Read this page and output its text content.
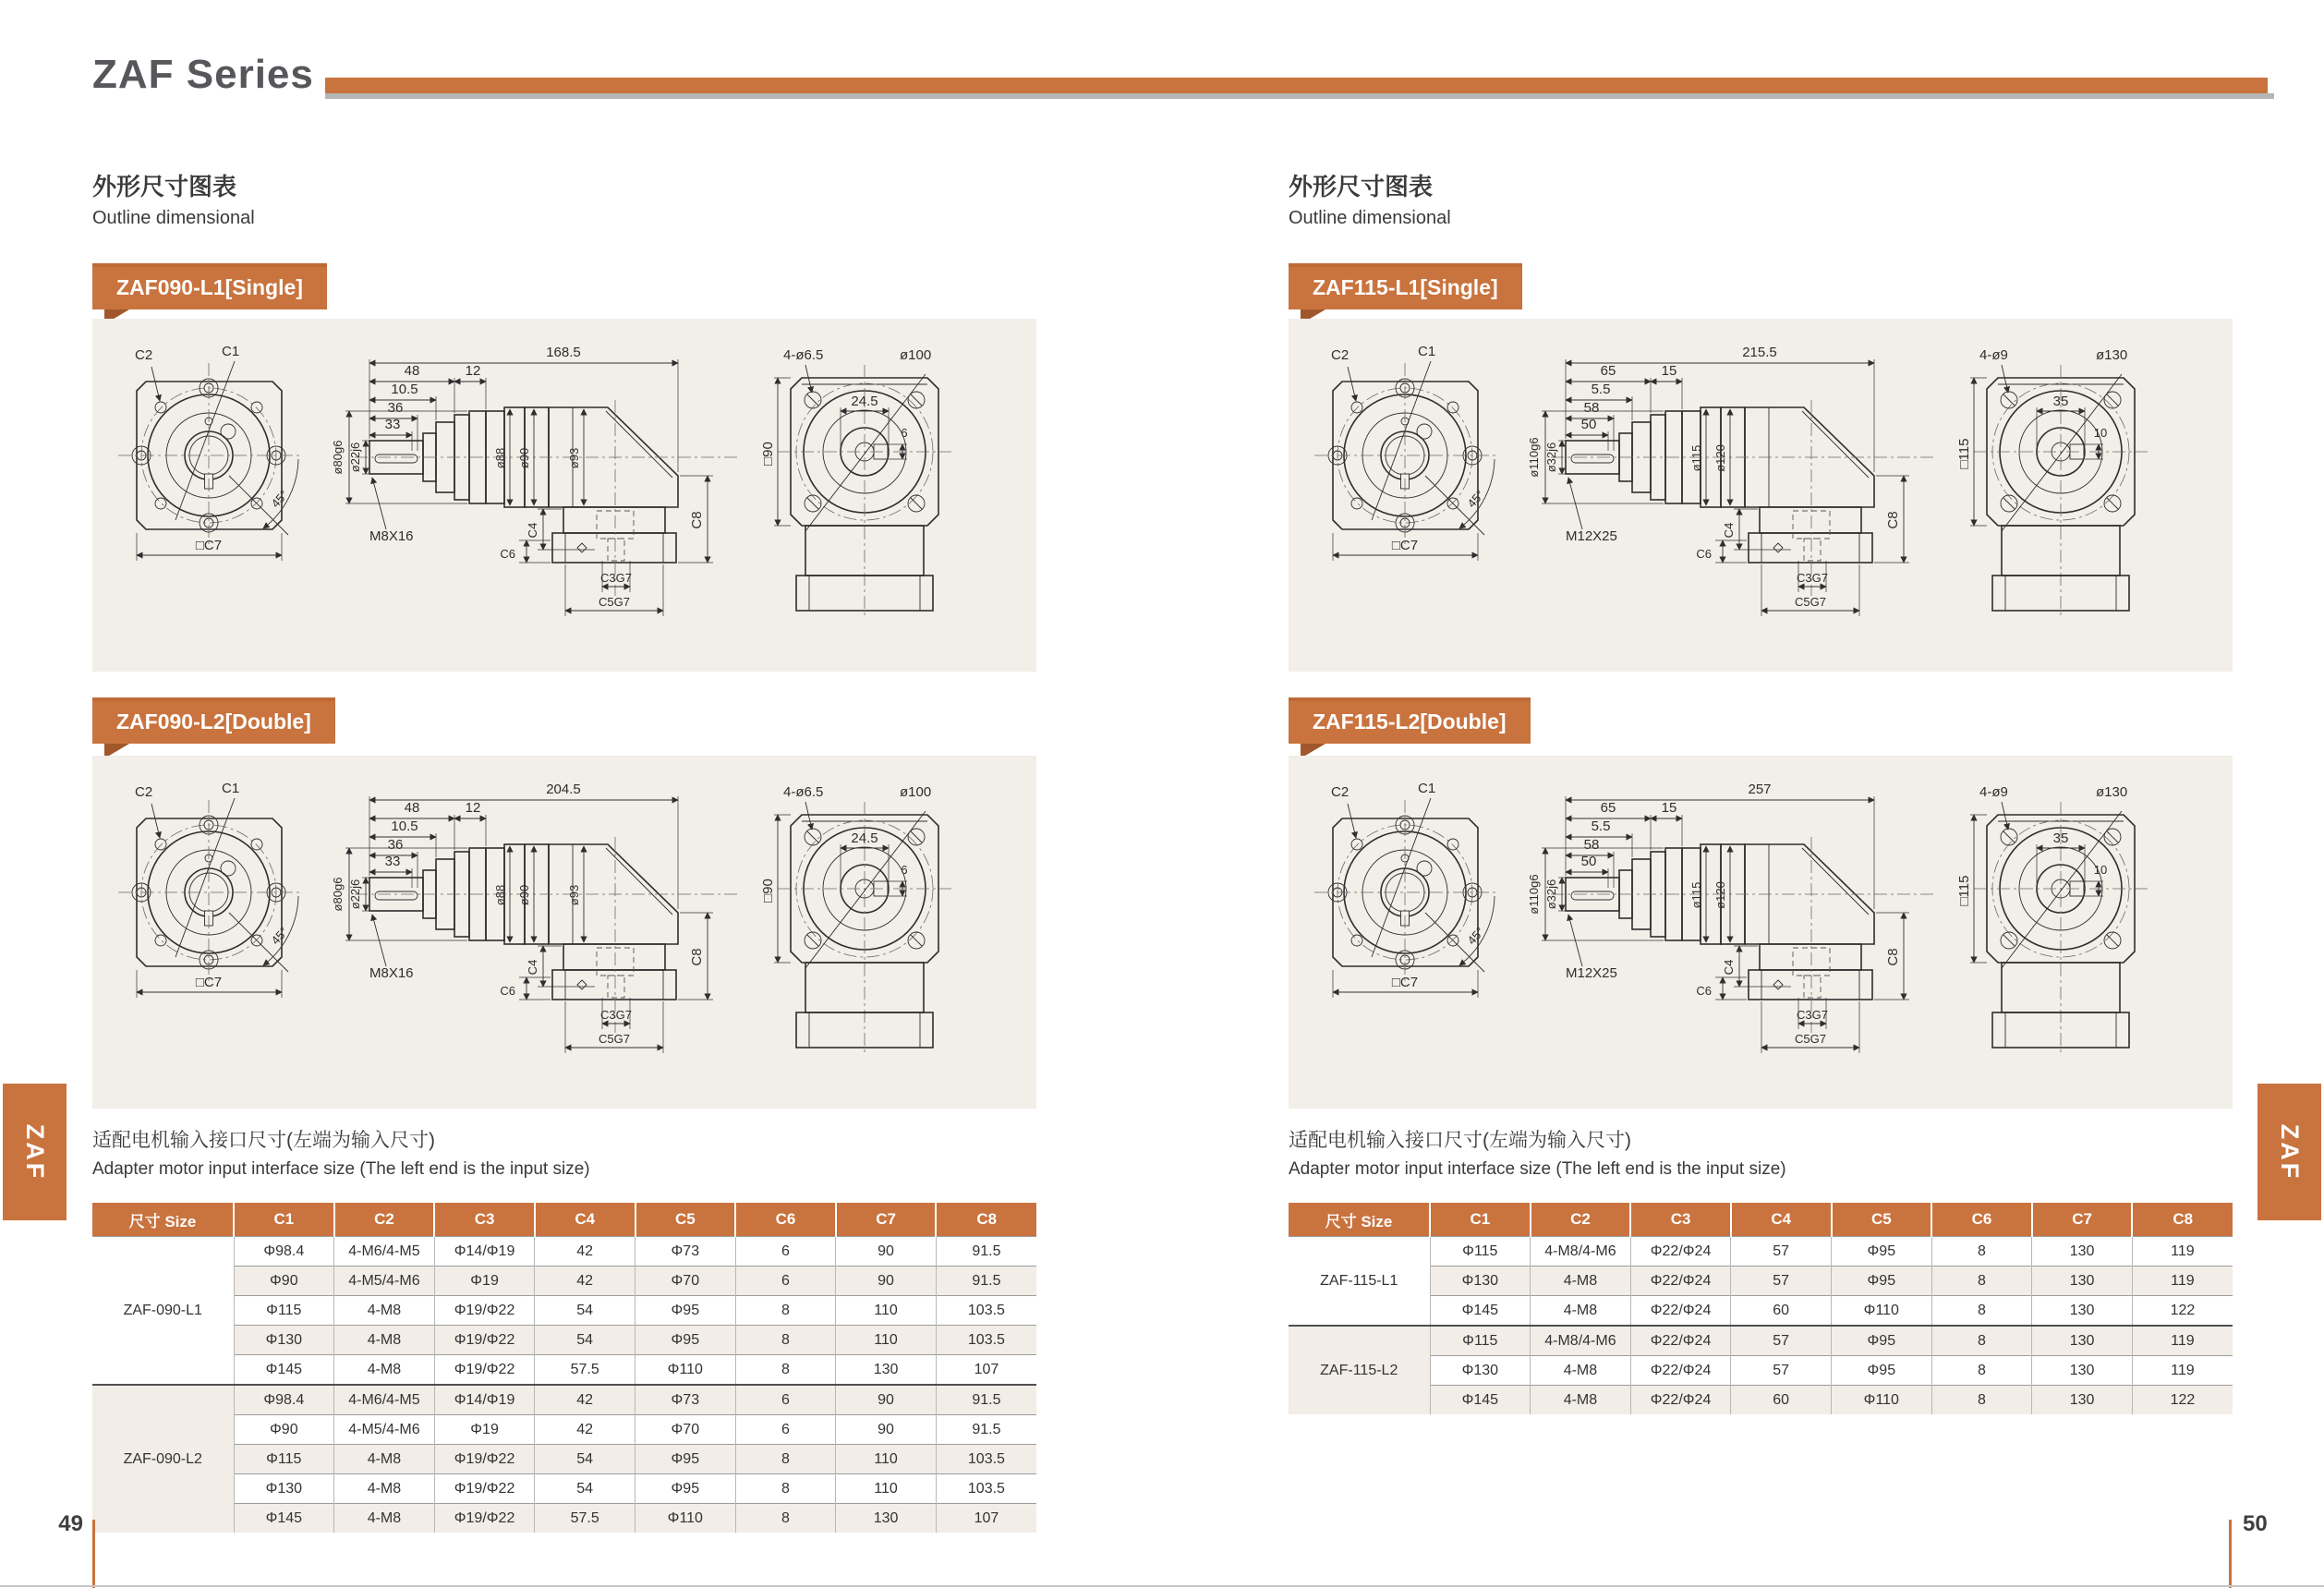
ZAF Series
外形尺寸图表
Outline dimensional
ZAF090-L1[Single]
C2	C1
□C7
45°
168.5
48	12
10.5
36
33
ø80g6 ø22j6
M8X16
ø88 ø90	ø93
C8
C4
C6
C3G7
C5G7
4-ø6.5	ø100
24.5
6
□90
ZAF090-L2[Double]
C2	C1
□C7
45°
204.5
48	12
10.5
36
33
ø80g6 ø22j6
M8X16
ø88 ø90	ø93
C8
C4
C6
C3G7
C5G7
4-ø6.5	ø100
24.5
6
□90
适配电机输入接口尺寸(左端为输入尺寸)
Adapter motor input interface size (The left end is the input size)
尺寸 Size	C1	C2	C3	C4	C5	C6	C7	C8
ZAF-090-L1	Φ98.4	4-M6/4-M5	Φ14/Φ19	42	Φ73	6	90	91.5
	Φ90	4-M5/4-M6	Φ19	42	Φ70	6	90	91.5
	Φ115	4-M8	Φ19/Φ22	54	Φ95	8	110	103.5
	Φ130	4-M8	Φ19/Φ22	54	Φ95	8	110	103.5
	Φ145	4-M8	Φ19/Φ22	57.5	Φ110	8	130	107
ZAF-090-L2	Φ98.4	4-M6/4-M5	Φ14/Φ19	42	Φ73	6	90	91.5
	Φ90	4-M5/4-M6	Φ19	42	Φ70	6	90	91.5
	Φ115	4-M8	Φ19/Φ22	54	Φ95	8	110	103.5
	Φ130	4-M8	Φ19/Φ22	54	Φ95	8	110	103.5
	Φ145	4-M8	Φ19/Φ22	57.5	Φ110	8	130	107
外形尺寸图表
Outline dimensional
ZAF115-L1[Single]
C2	C1
□C7
45°
215.5
65	15
5.5
58
50
ø110g6 ø32j6
M12X25
ø115 ø120
C8
C4
C6
C3G7
C5G7
4-ø9	ø130
35
10
□115
ZAF115-L2[Double]
C2	C1
□C7
45°
257
65	15
5.5
58
50
ø110g6 ø32j6
M12X25
ø115 ø120
C8
C4
C6
C3G7
C5G7
4-ø9	ø130
35
10
□115
适配电机输入接口尺寸(左端为输入尺寸)
Adapter motor input interface size (The left end is the input size)
尺寸 Size	C1	C2	C3	C4	C5	C6	C7	C8
ZAF-115-L1	Φ115	4-M8/4-M6	Φ22/Φ24	57	Φ95	8	130	119
	Φ130	4-M8	Φ22/Φ24	57	Φ95	8	130	119
	Φ145	4-M8	Φ22/Φ24	60	Φ110	8	130	122
ZAF-115-L2	Φ115	4-M8/4-M6	Φ22/Φ24	57	Φ95	8	130	119
	Φ130	4-M8	Φ22/Φ24	57	Φ95	8	130	119
	Φ145	4-M8	Φ22/Φ24	60	Φ110	8	130	122
ZAF	ZAF
49	50
